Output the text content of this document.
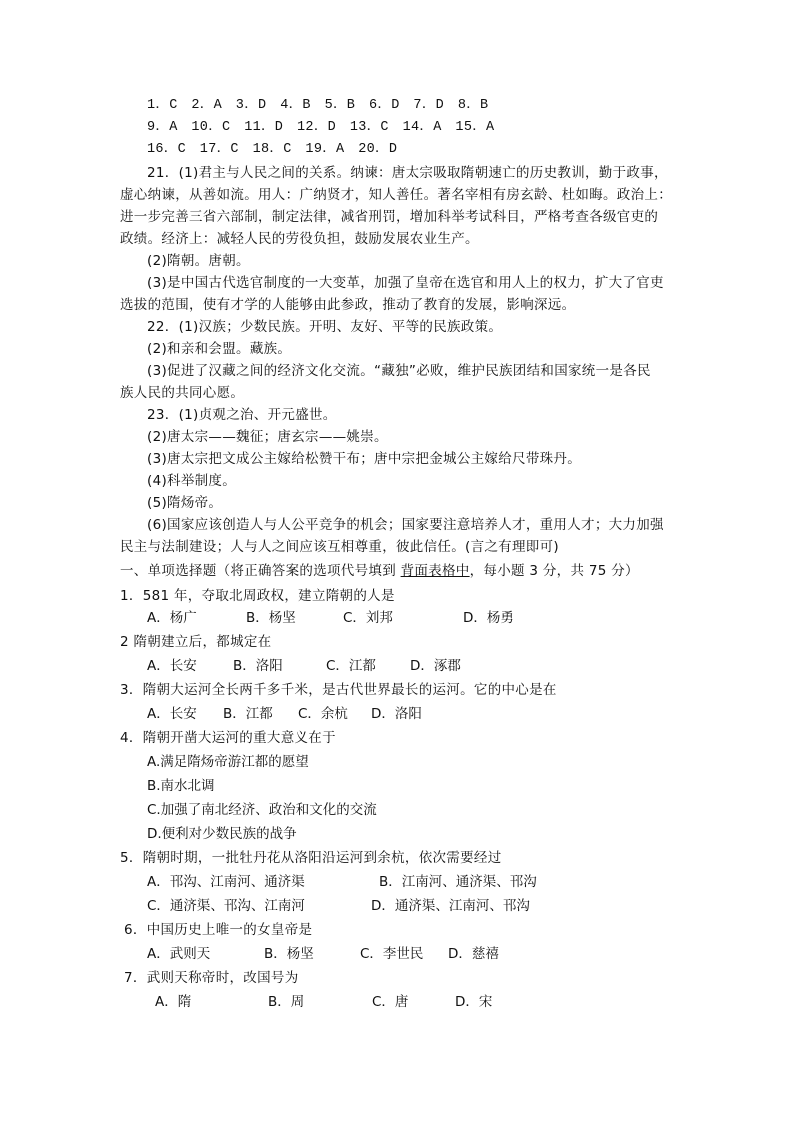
1．C　2．A　3．D　4．B　5．B　6．D　7．D　8．B
9．A　10．C　11．D　12．D　13．C　14．A　15．A
16．C　17．C　18．C　19．A　20．D
21．(1)君主与人民之间的关系。纳谏：唐太宗吸取隋朝速亡的历史教训，勤于政事，
虚心纳谏，从善如流。用人：广纳贤才，知人善任。著名宰相有房玄龄、杜如晦。政治上：
进一步完善三省六部制，制定法律，减省刑罚，增加科举考试科目，严格考查各级官吏的
政绩。经济上：减轻人民的劳役负担，鼓励发展农业生产。
(2)隋朝。唐朝。
(3)是中国古代选官制度的一大变革，加强了皇帝在选官和用人上的权力，扩大了官吏
选拔的范围，使有才学的人能够由此参政，推动了教育的发展，影响深远。
22．(1)汉族；少数民族。开明、友好、平等的民族政策。
(2)和亲和会盟。藏族。
(3)促进了汉藏之间的经济文化交流。“藏独”必败，维护民族团结和国家统一是各民
族人民的共同心愿。
23．(1)贞观之治、开元盛世。
(2)唐太宗——魏征；唐玄宗——姚崇。
(3)唐太宗把文成公主嫁给松赞干布；唐中宗把金城公主嫁给尺带珠丹。
(4)科举制度。
(5)隋炀帝。
(6)国家应该创造人与人公平竞争的机会；国家要注意培养人才，重用人才；大力加强
民主与法制建设；人与人之间应该互相尊重，彼此信任。(言之有理即可)
一、单项选择题（将正确答案的选项代号填到 背面表格中，每小题 3 分，共 75 分）
1．581 年，夺取北周政权，建立隋朝的人是
A．杨广	B．杨坚	C．刘邦	D．杨勇
2 隋朝建立后，都城定在
A．长安	B．洛阳	C．江都	D．涿郡
3．隋朝大运河全长两千多千米，是古代世界最长的运河。它的中心是在
A．长安 B．江都 C．余杭 D．洛阳
4．隋朝开凿大运河的重大意义在于
A.满足隋炀帝游江都的愿望
B.南水北调
C.加强了南北经济、政治和文化的交流
D.便利对少数民族的战争
5．隋朝时期，一批牡丹花从洛阳沿运河到余杭，依次需要经过
A．邗沟、江南河、通济渠	B．江南河、通济渠、邗沟
C．通济渠、邗沟、江南河	D．通济渠、江南河、邗沟
6．中国历史上唯一的女皇帝是
A．武则天	B．杨坚	C．李世民 D．慈禧
7．武则天称帝时，改国号为
A．隋	B．周	C．唐	D．宋
